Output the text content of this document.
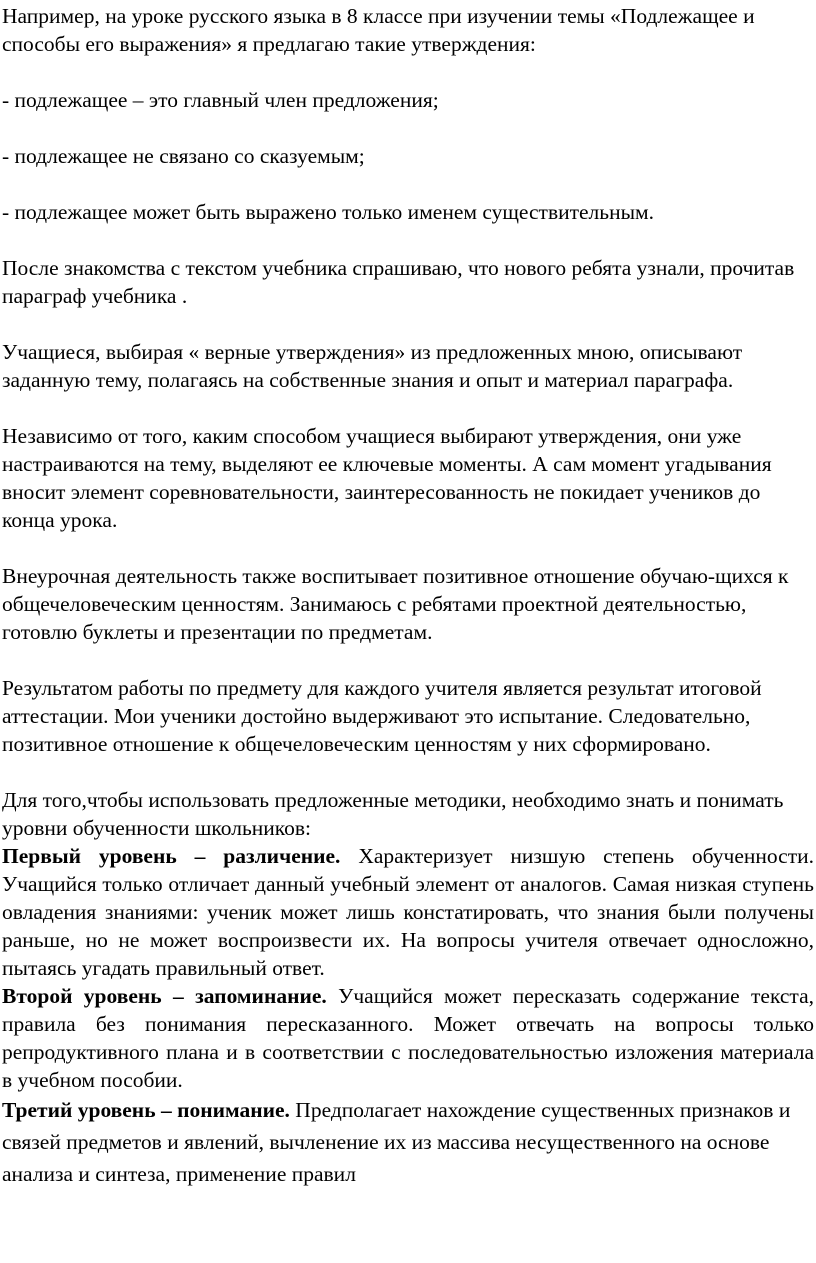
Например, на уроке русского языка в 8 классе при изучении темы «Подлежащее и способы его выражения» я предлагаю такие утверждения:

- подлежащее – это главный член предложения;

- подлежащее не связано со сказуемым;

- подлежащее может быть выражено только именем существительным.

После знакомства с текстом учебника спрашиваю, что нового ребята узнали, прочитав параграф учебника .

Учащиеся, выбирая « верные утверждения» из предложенных мною, описывают заданную тему, полагаясь на собственные знания и опыт и материал параграфа.

Независимо от того, каким способом учащиеся выбирают утверждения, они уже настраиваются на тему, выделяют ее ключевые моменты. А сам момент угадывания вносит элемент соревновательности, заинтересованность не покидает учеников до конца урока.

Внеурочная деятельность также воспитывает позитивное отношение обучаю-щихся к общечеловеческим ценностям. Занимаюсь с ребятами проектной деятельностью, готовлю буклеты и презентации по предметам.

Результатом работы по предмету для каждого учителя является результат итоговой аттестации. Мои ученики достойно выдерживают это испытание. Следовательно, позитивное отношение к общечеловеческим ценностям у них сформировано.

Для того,чтобы использовать предложенные методики, необходимо знать и понимать уровни обученности школьников:

Первый уровень – различение. Характеризует низшую степень обученности. Учащийся только отличает данный учебный элемент от аналогов. Самая низкая ступень овладения знаниями: ученик может лишь констатировать, что знания были получены раньше, но не может воспроизвести их. На вопросы учителя отвечает односложно, пытаясь угадать правильный ответ.

Второй уровень – запоминание. Учащийся может пересказать содержание текста, правила без понимания пересказанного. Может отвечать на вопросы только репродуктивного плана и в соответствии с последовательностью изложения материала в учебном пособии.

Третий уровень – понимание. Предполагает нахождение существенных признаков и связей предметов и явлений, вычленение их из массива несущественного на основе анализа и синтеза, применение правил
